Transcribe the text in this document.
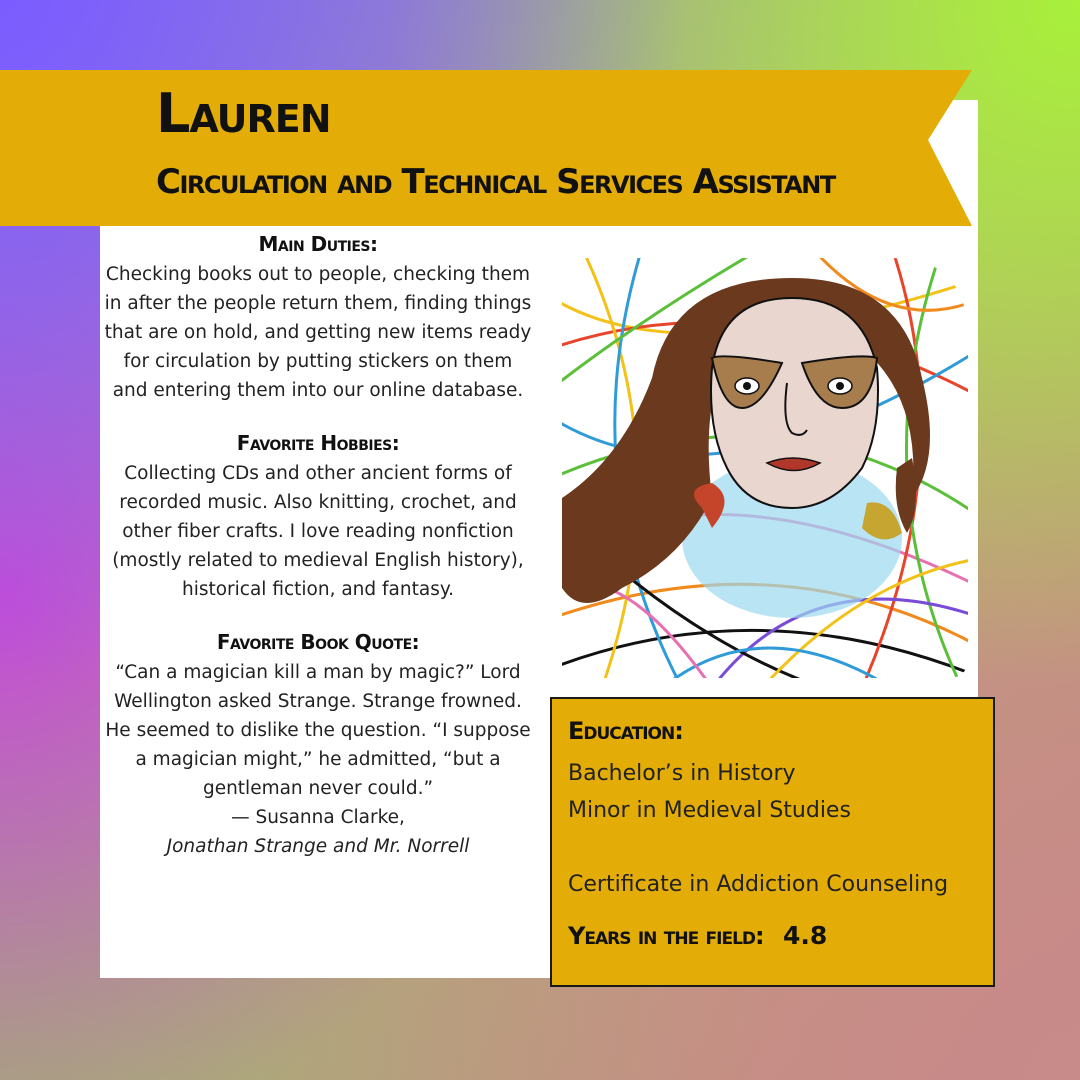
Lauren
Circulation and Technical Services Assistant

Main Duties:

Checking books out to people, checking them in after the people return them, finding things that are on hold, and getting new items ready for circulation by putting stickers on them and entering them into our online database.

Favorite Hobbies:

Collecting CDs and other ancient forms of recorded music. Also knitting, crochet, and other fiber crafts. I love reading nonfiction (mostly related to medieval English history), historical fiction, and fantasy.

Favorite Book Quote:

“Can a magician kill a man by magic?” Lord Wellington asked Strange. Strange frowned. He seemed to dislike the question. “I suppose a magician might,” he admitted, “but a gentleman never could.”

— Susanna Clarke,

Jonathan Strange and Mr. Norrell

Education:

Bachelor’s in History

Minor in Medieval Studies

Certificate in Addiction Counseling

Years in the field: 4.8
